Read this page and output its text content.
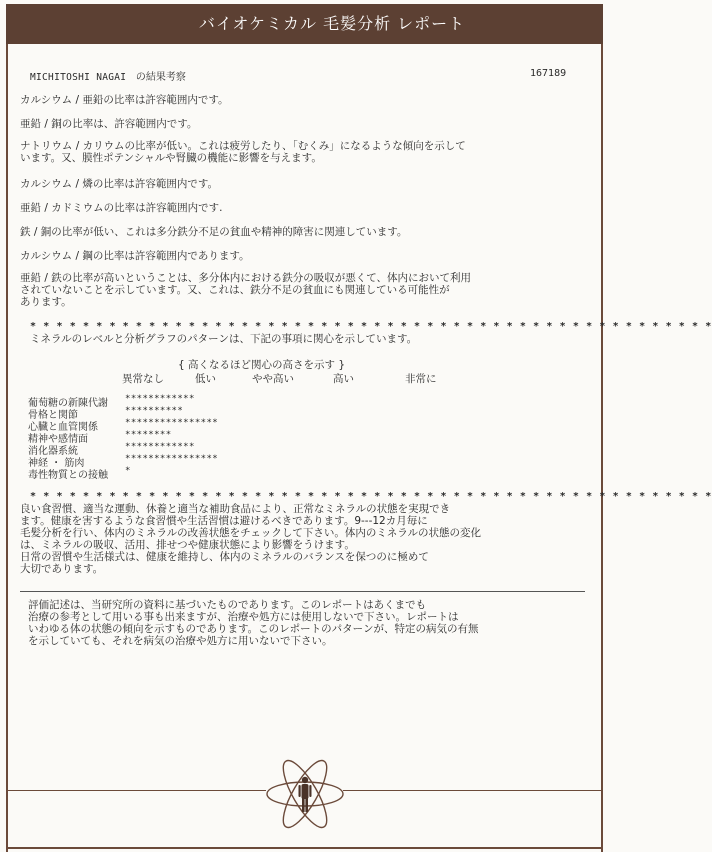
バイオケミカル 毛髪分析 レポート
MICHITOSHI NAGAI の結果考察	167189
カルシウム / 亜鉛の比率は許容範囲内です。
亜鉛 / 銅の比率は、許容範囲内です。
ナトリウム / カリウムの比率が低い。これは疲労したり、「むくみ」になるような傾向を示して
います。又、膜性ポテンシャルや腎臓の機能に影響を与えます。
カルシウム / 燐の比率は許容範囲内です。
亜鉛 / カドミウムの比率は許容範囲内です.
鉄 / 銅の比率が低い、これは多分鉄分不足の貧血や精神的障害に関連しています。
カルシウム / 鋼の比率は許容範囲内であります。
亜鉛 / 鉄の比率が高いということは、多分体内における鉄分の吸収が悪くて、体内において利用
されていないことを示しています。又、これは、鉄分不足の貧血にも関連している可能性が
あります。
* * * * * * * * * * * * * * * * * * * * * * * * * * * * * * * * * * * * * * * * * * * * * * * * * * * *
ミネラルのレベルと分析グラフのパターンは、下記の事項に関心を示しています。
{ 高くなるほど関心の高さを示す }
異常なし	低い	やや高い	高い	非常に
葡萄糖の新陳代謝 ************
骨格と関節	**********
心臓と血管関係	****************
精神や感情面	********
消化器系統	************
神経 ・ 筋肉	****************
毒性物質との接触 *
* * * * * * * * * * * * * * * * * * * * * * * * * * * * * * * * * * * * * * * * * * * * * * * * * * * *
良い食習慣、適当な運動、休養と適当な補助食品により、正常なミネラルの状態を実現でき
ます。健康を害するような食習慣や生活習慣は避けるべきであります。9---12カ月毎に
毛髪分析を行い、体内のミネラルの改善状態をチェックして下さい。体内のミネラルの状態の変化
は、ミネラルの吸収、活用、排せつや健康状態により影響をうけます。
日常の習慣や生活様式は、健康を維持し、体内のミネラルのバランスを保つのに極めて
大切であります。
評価記述は、当研究所の資料に基づいたものであります。このレポートはあくまでも
治療の参考として用いる事も出来ますが、治療や処方には使用しないで下さい。レポートは
いわゆる体の状態の傾向を示すものであります。このレポートのパターンが、特定の病気の有無
を示していても、それを病気の治療や処方に用いないで下さい。
